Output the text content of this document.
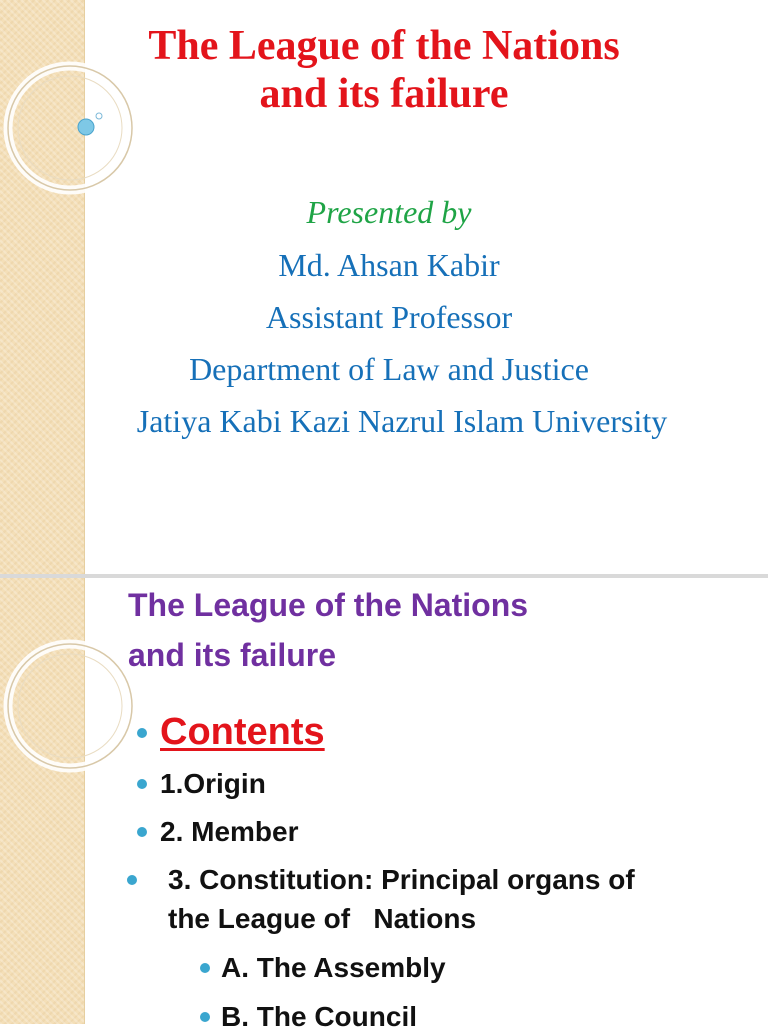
The League of the Nations
and its failure

Presented by

Md. Ahsan Kabir

Assistant Professor

Department of Law and Justice

Jatiya Kabi Kazi Nazrul Islam University

The League of the Nations
and its failure

Contents

1.Origin

2. Member

3. Constitution: Principal organs of

the League of   Nations

A. The Assembly

B. The Council
